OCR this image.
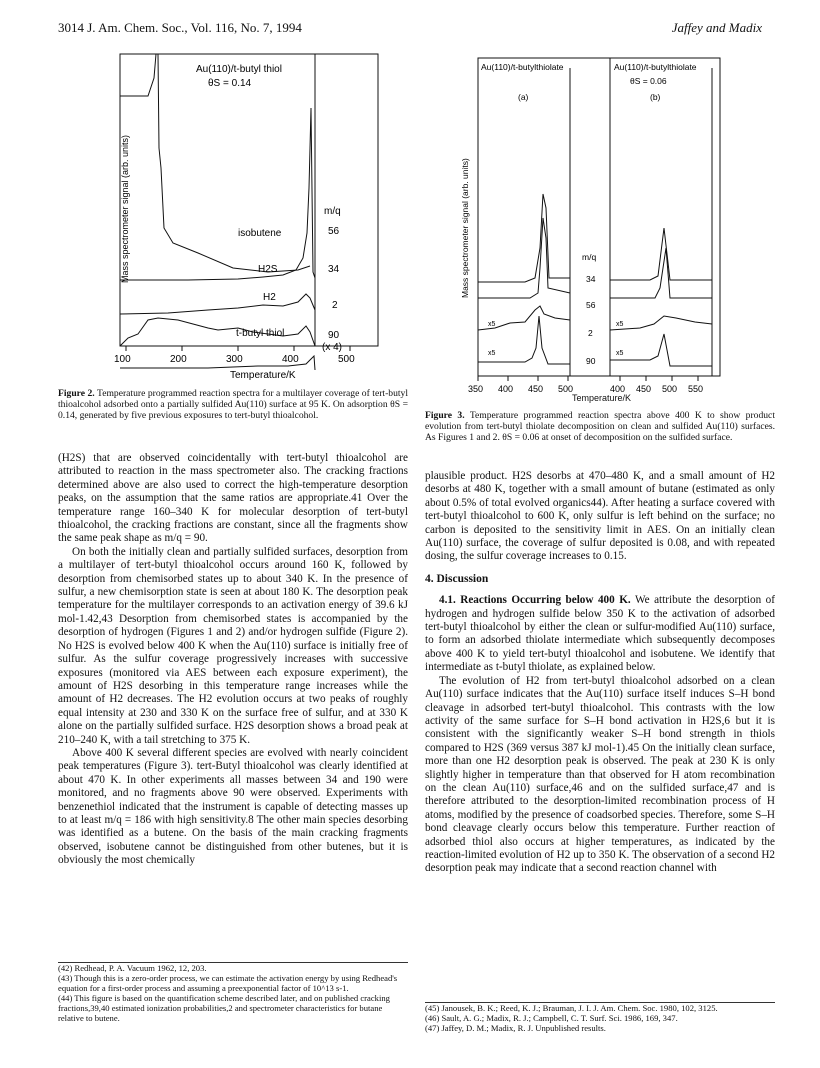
3014 J. Am. Chem. Soc., Vol. 116, No. 7, 1994	Jaffey and Madix
Au(110)/t-butyl thiol
θS = 0.14
Mass spectrometer signal (arb. units)	m/q
isobutene	56
H2S	34
H2
2
t-butyl thiol	90
(x 4)
100	200	300	400	500
Temperature/K
Figure 2. Temperature programmed reaction spectra for a multilayer coverage of tert-butyl thioalcohol adsorbed onto a partially sulfided Au(110) surface at 95 K. On adsorption θS = 0.14, generated by five previous exposures to tert-butyl thioalcohol.

(H2S) that are observed coincidentally with tert-butyl thioalcohol are attributed to reaction in the mass spectrometer also. The cracking fractions determined above are also used to correct the high-temperature desorption peaks, on the assumption that the same ratios are appropriate.41 Over the temperature range 160–340 K for molecular desorption of tert-butyl thioalcohol, the cracking fractions are constant, since all the fragments show the same peak shape as m/q = 90.

On both the initially clean and partially sulfided surfaces, desorption from a multilayer of tert-butyl thioalcohol occurs around 160 K, followed by desorption from chemisorbed states up to about 340 K. In the presence of sulfur, a new chemisorption state is seen at about 180 K. The desorption peak temperature for the multilayer corresponds to an activation energy of 39.6 kJ mol-1.42,43 Desorption from chemisorbed states is accompanied by the desorption of hydrogen (Figures 1 and 2) and/or hydrogen sulfide (Figure 2). No H2S is evolved below 400 K when the Au(110) surface is initially free of sulfur. As the sulfur coverage progressively increases with successive exposures (monitored via AES between each exposure experiment), the amount of H2S desorbing in this temperature range increases while the amount of H2 decreases. The H2 evolution occurs at two peaks of roughly equal intensity at 230 and 330 K on the surface free of sulfur, and at 330 K alone on the partially sulfided surface. H2S desorption shows a broad peak at 210–240 K, with a tail stretching to 375 K.

Above 400 K several different species are evolved with nearly coincident peak temperatures (Figure 3). tert-Butyl thioalcohol was clearly identified at about 470 K. In other experiments all masses between 34 and 190 were monitored, and no fragments above 90 were observed. Experiments with benzenethiol indicated that the instrument is capable of detecting masses up to at least m/q = 186 with high sensitivity.8 The other main species desorbing was identified as a butene. On the basis of the main cracking fragments observed, isobutene cannot be distinguished from other butenes, but it is obviously the most chemically

(42) Redhead, P. A. Vacuum 1962, 12, 203.
(43) Though this is a zero-order process, we can estimate the activation energy by using Redhead's equation for a first-order process and assuming a preexponential factor of 10^13 s-1.
(44) This figure is based on the quantification scheme described later, and on published cracking fractions,39,40 estimated ionization probabilities,2 and spectrometer characteristics for butane relative to butene.
Au(110)/t-butylthiolate
(a)
Au(110)/t-butylthiolate
θS = 0.06
(b)
Mass spectrometer signal (arb. units)	m/q
34
56
2
90
x5
x5
x5
x5
350 400 450 500	400 450 500 550
Temperature/K
Figure 3. Temperature programmed reaction spectra above 400 K to show product evolution from tert-butyl thiolate decomposition on clean and sulfided Au(110) surfaces. As Figures 1 and 2. θS = 0.06 at onset of decomposition on the sulfided surface.

plausible product. H2S desorbs at 470–480 K, and a small amount of H2 desorbs at 480 K, together with a small amount of butane (estimated as only about 0.5% of total evolved organics44). After heating a surface covered with tert-butyl thioalcohol to 600 K, only sulfur is left behind on the surface; no carbon is deposited to the sensitivity limit in AES. On an initially clean Au(110) surface, the coverage of sulfur deposited is 0.08, and with repeated dosing, the sulfur coverage increases to 0.15.

4. Discussion

4.1. Reactions Occurring below 400 K. We attribute the desorption of hydrogen and hydrogen sulfide below 350 K to the activation of adsorbed tert-butyl thioalcohol by either the clean or sulfur-modified Au(110) surface, to form an adsorbed thiolate intermediate which subsequently decomposes above 400 K to yield tert-butyl thioalcohol and isobutene. We identify that intermediate as t-butyl thiolate, as explained below.

The evolution of H2 from tert-butyl thioalcohol adsorbed on a clean Au(110) surface indicates that the Au(110) surface itself induces S–H bond cleavage in adsorbed tert-butyl thioalcohol. This contrasts with the low activity of the same surface for S–H bond activation in H2S,6 but it is consistent with the significantly weaker S–H bond strength in thiols compared to H2S (369 versus 387 kJ mol-1).45 On the initially clean surface, more than one H2 desorption peak is observed. The peak at 230 K is only slightly higher in temperature than that observed for H atom recombination on the clean Au(110) surface,46 and on the sulfided surface,47 and is therefore attributed to the desorption-limited recombination process of H atoms, modified by the presence of coadsorbed species. Therefore, some S–H bond cleavage clearly occurs below this temperature. Further reaction of adsorbed thiol also occurs at higher temperatures, as indicated by the reaction-limited evolution of H2 up to 350 K. The observation of a second H2 desorption peak may indicate that a second reaction channel with

(45) Janousek, B. K.; Reed, K. J.; Brauman, J. I. J. Am. Chem. Soc. 1980, 102, 3125.
(46) Sault, A. G.; Madix, R. J.; Campbell, C. T. Surf. Sci. 1986, 169, 347.
(47) Jaffey, D. M.; Madix, R. J. Unpublished results.
